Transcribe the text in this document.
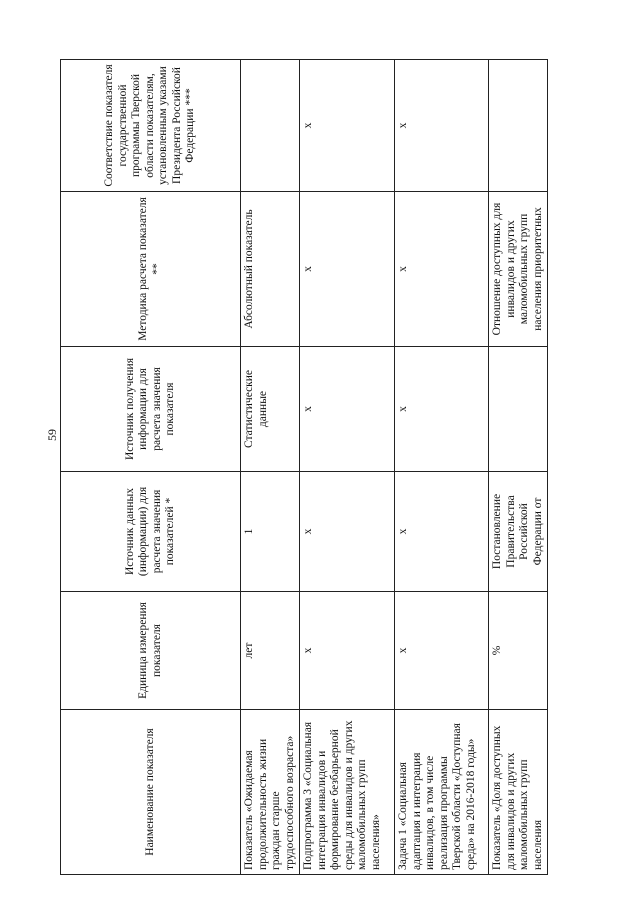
59
Наименование показателя	Единица измерения показателя	Источник данных (информации) для расчета значения показателей *	Источник получения информации для расчета значения показателя	Методика расчета показателя **	Соответствие показателя государственной программы Тверской области показателям, установленным указами Президента Российской Федерации ***
Показатель «Ожидаемая продолжительность жизни граждан старше трудоспособного возраста»	лет	1	Статистические данные	Абсолютный показатель	
Подпрограмма 3 «Социальная интеграция инвалидов и формирование безбарьерной среды для инвалидов и других маломобильных групп населения»	x	x	x	x	x
Задача 1 «Социальная адаптация и интеграция инвалидов, в том числе реализация программы Тверской области «Доступная среда» на 2016-2018 годы»	x	x	x	x	x
Показатель «Доля доступных для инвалидов и других маломобильных групп населения	%	Постановление Правительства Российской Федерации от		Отношение доступных для инвалидов и других маломобильных групп населения приоритетных	
